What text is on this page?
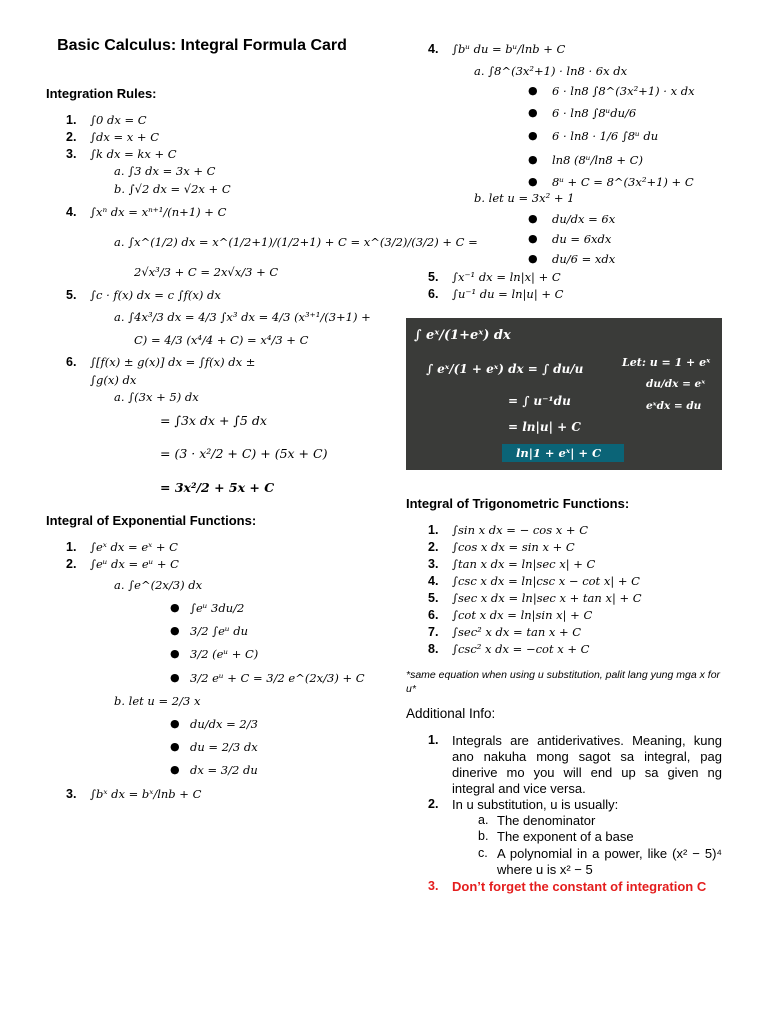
Basic Calculus: Integral Formula Card
Integration Rules:
1. ∫0 dx = C
2. ∫dx = x + C
3. ∫k dx = kx + C
a. ∫3 dx = 3x + C
b. ∫√2 dx = √2x + C
4. ∫xⁿ dx = xⁿ⁺¹/(n+1) + C
a. ∫x^(1/2) dx = x^(1/2+1)/(1/2+1) + C = x^(3/2)/(3/2) + C =
2√x³/3 + C = 2x√x/3 + C
5. ∫c · f(x) dx = c ∫f(x) dx
a. ∫4x³/3 dx = 4/3 ∫x³ dx = 4/3 (x³⁺¹/(3+1) +
C) = 4/3 (x⁴/4 + C) = x⁴/3 + C
6. ∫[f(x) ± g(x)] dx = ∫f(x) dx ±
∫g(x) dx
a. ∫(3x + 5) dx
= ∫3x dx + ∫5 dx
= (3 · x²/2 + C) + (5x + C)
= 3x²/2 + 5x + C
Integral of Exponential Functions:
1. ∫eˣ dx = eˣ + C
2. ∫eᵘ dx = eᵘ + C
a. ∫e^(2x/3) dx
● ∫eᵘ 3du/2
● 3/2 ∫eᵘ du
● 3/2 (eᵘ + C)
● 3/2 eᵘ + C = 3/2 e^(2x/3) + C
b. let u = 2/3 x
● du/dx = 2/3
● du = 2/3 dx
● dx = 3/2 du
3. ∫bˣ dx = bˣ/lnb + C
4. ∫bᵘ du = bᵘ/lnb + C
a. ∫8^(3x²+1) · ln8 · 6x dx
● 6 · ln8 ∫8^(3x²+1) · x dx
● 6 · ln8 ∫8ᵘdu/6
● 6 · ln8 · 1/6 ∫8ᵘ du
● ln8 (8ᵘ/ln8 + C)
● 8ᵘ + C = 8^(3x²+1) + C
b. let u = 3x² + 1
● du/dx = 6x
● du = 6xdx
● du/6 = xdx
5. ∫x⁻¹ dx = ln|x| + C
6. ∫u⁻¹ du = ln|u| + C
∫ eˣ/(1+eˣ) dx
∫ eˣ/(1 + eˣ) dx = ∫ du/u
= ∫ u⁻¹du
= ln|u| + C
ln|1 + eˣ| + C
Let: u = 1 + eˣ
du/dx = eˣ
eˣdx = du
Integral of Trigonometric Functions:
1. ∫sin x dx = − cos x + C
2. ∫cos x dx = sin x + C
3. ∫tan x dx = ln|sec x| + C
4. ∫csc x dx = ln|csc x − cot x| + C
5. ∫sec x dx = ln|sec x + tan x| + C
6. ∫cot x dx = ln|sin x| + C
7. ∫sec² x dx = tan x + C
8. ∫csc² x dx = −cot x + C
*same equation when using u substitution, palit lang yung mga x for u*
Additional Info:
1. Integrals are antiderivatives. Meaning, kung ano nakuha mong sagot sa integral, pag dinerive mo you will end up sa given ng integral and vice versa.
2. In u substitution, u is usually:
a. The denominator
b. The exponent of a base
c. A polynomial in a power, like (x² − 5)⁴ where u is x² − 5
3. Don’t forget the constant of integration C
